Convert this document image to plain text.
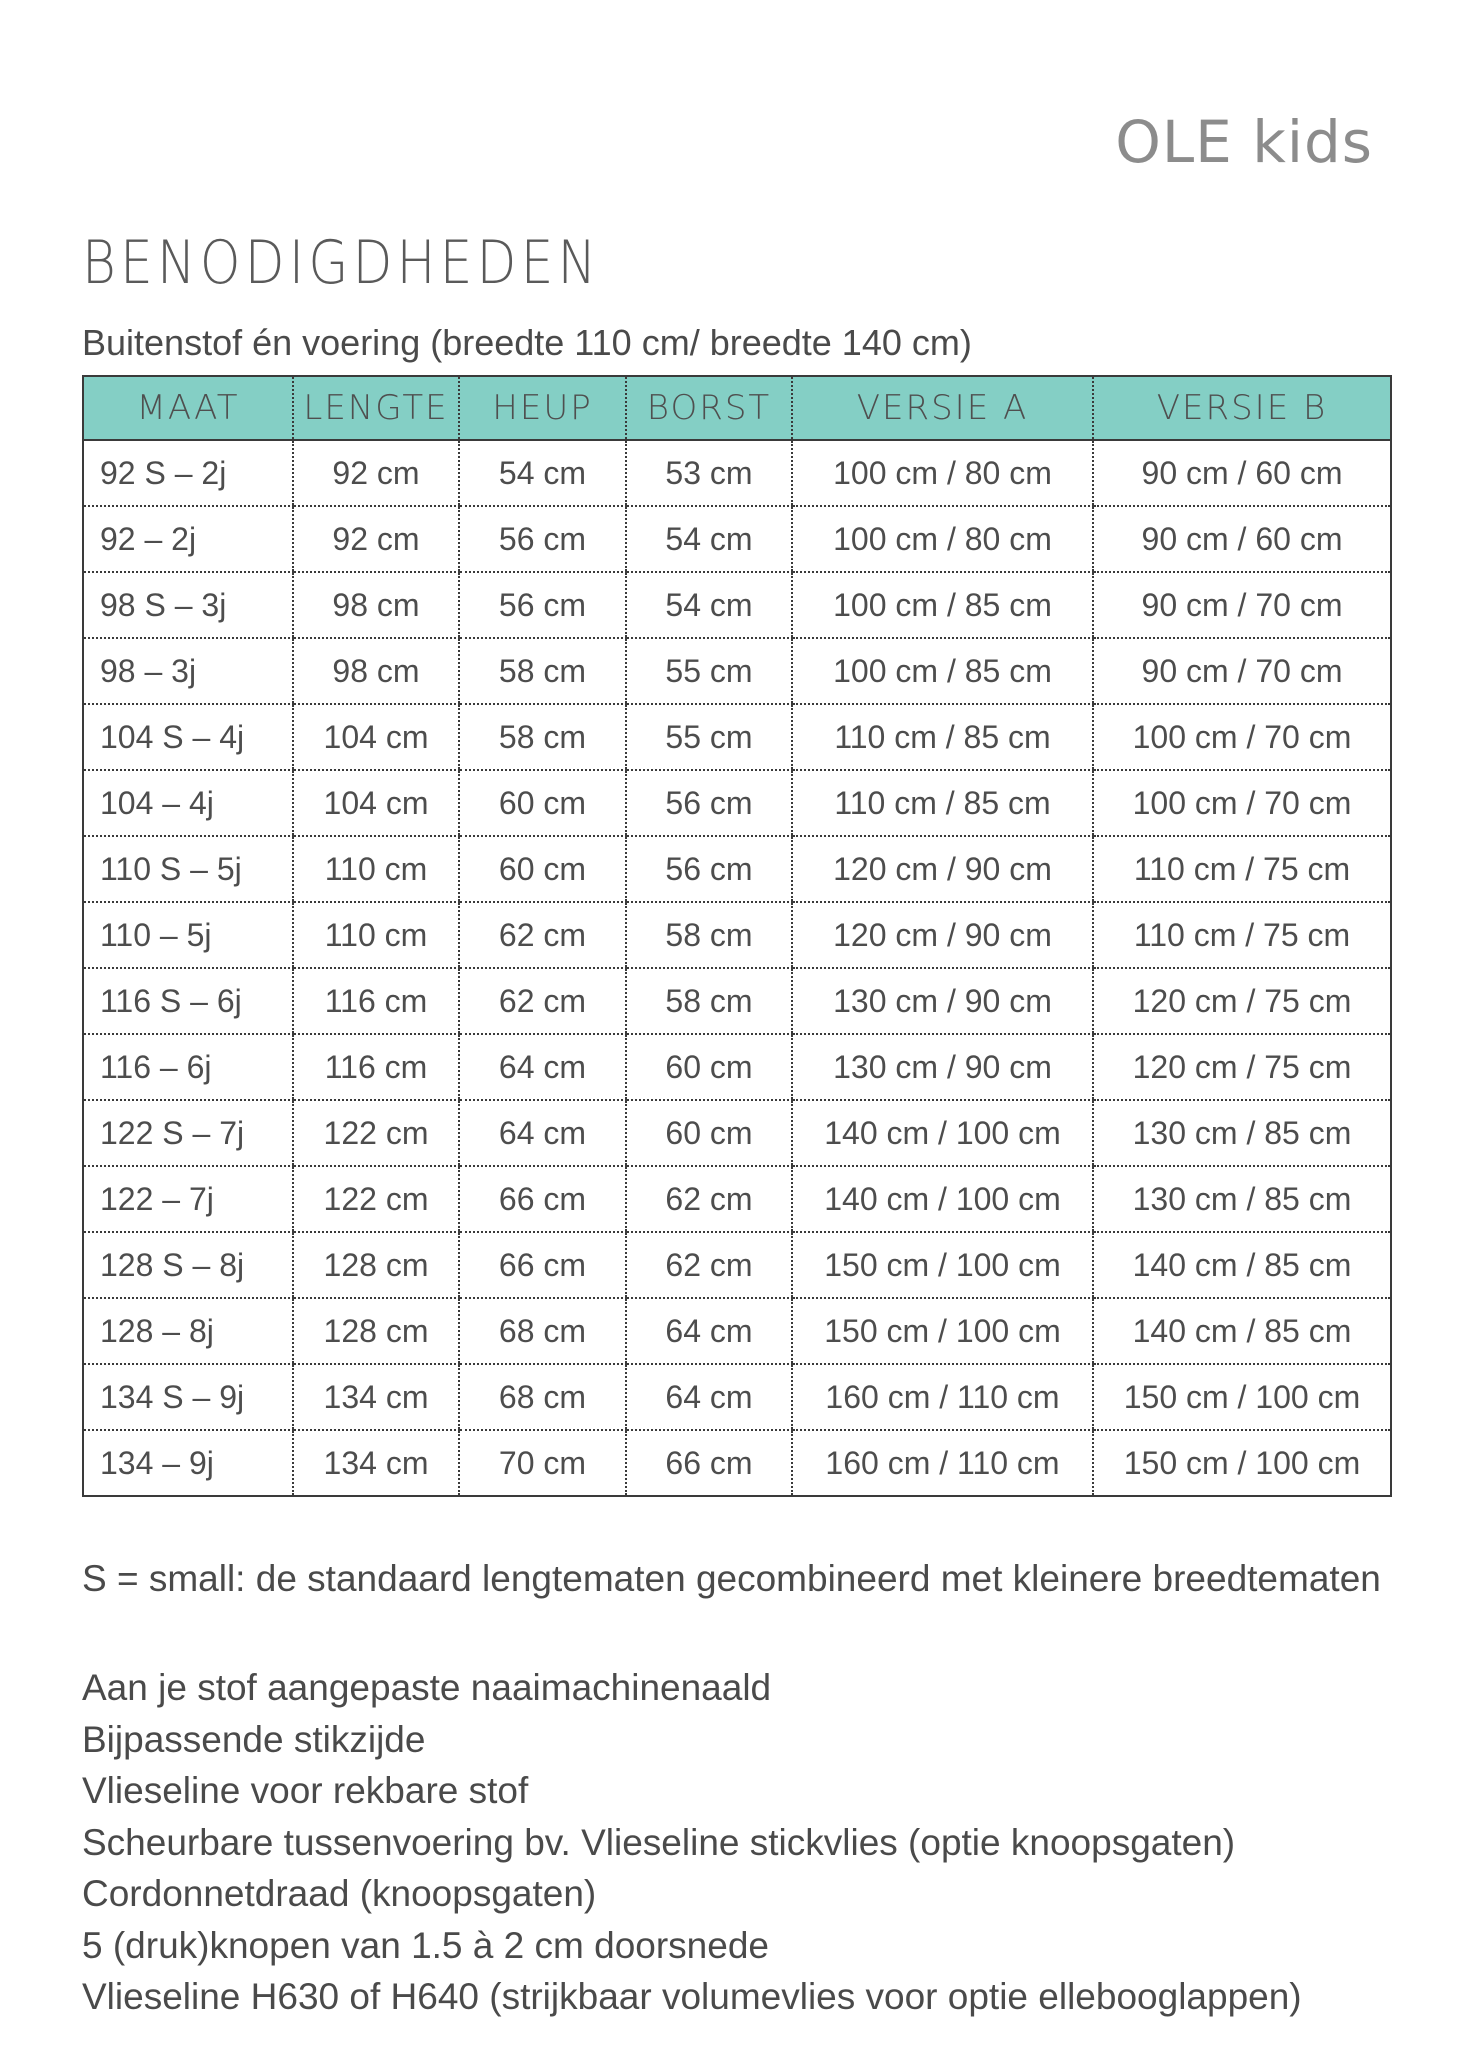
OLE kids
BENODIGDHEDEN
Buitenstof én voering (breedte 110 cm/ breedte 140 cm)
MAAT	LENGTE	HEUP	BORST	VERSIE A	VERSIE B
92 S – 2j	92 cm	54 cm	53 cm	100 cm / 80 cm	90 cm / 60 cm
92 – 2j	92 cm	56 cm	54 cm	100 cm / 80 cm	90 cm / 60 cm
98 S – 3j	98 cm	56 cm	54 cm	100 cm / 85 cm	90 cm / 70 cm
98 – 3j	98 cm	58 cm	55 cm	100 cm / 85 cm	90 cm / 70 cm
104 S – 4j	104 cm	58 cm	55 cm	110 cm / 85 cm	100 cm / 70 cm
104 – 4j	104 cm	60 cm	56 cm	110 cm / 85 cm	100 cm / 70 cm
110 S – 5j	110 cm	60 cm	56 cm	120 cm / 90 cm	110 cm / 75 cm
110 – 5j	110 cm	62 cm	58 cm	120 cm / 90 cm	110 cm / 75 cm
116 S – 6j	116 cm	62 cm	58 cm	130 cm / 90 cm	120 cm / 75 cm
116 – 6j	116 cm	64 cm	60 cm	130 cm / 90 cm	120 cm / 75 cm
122 S – 7j	122 cm	64 cm	60 cm	140 cm / 100 cm	130 cm / 85 cm
122 – 7j	122 cm	66 cm	62 cm	140 cm / 100 cm	130 cm / 85 cm
128 S – 8j	128 cm	66 cm	62 cm	150 cm / 100 cm	140 cm / 85 cm
128 – 8j	128 cm	68 cm	64 cm	150 cm / 100 cm	140 cm / 85 cm
134 S – 9j	134 cm	68 cm	64 cm	160 cm / 110 cm	150 cm / 100 cm
134 – 9j	134 cm	70 cm	66 cm	160 cm / 110 cm	150 cm / 100 cm
S = small: de standaard lengtematen gecombineerd met kleinere breedtematen
Aan je stof aangepaste naaimachinenaald
Bijpassende stikzijde
Vlieseline voor rekbare stof
Scheurbare tussenvoering bv. Vlieseline stickvlies (optie knoopsgaten)
Cordonnetdraad (knoopsgaten)
5 (druk)knopen van 1.5 à 2 cm doorsnede
Vlieseline H630 of H640 (strijkbaar volumevlies voor optie ellebooglappen)
